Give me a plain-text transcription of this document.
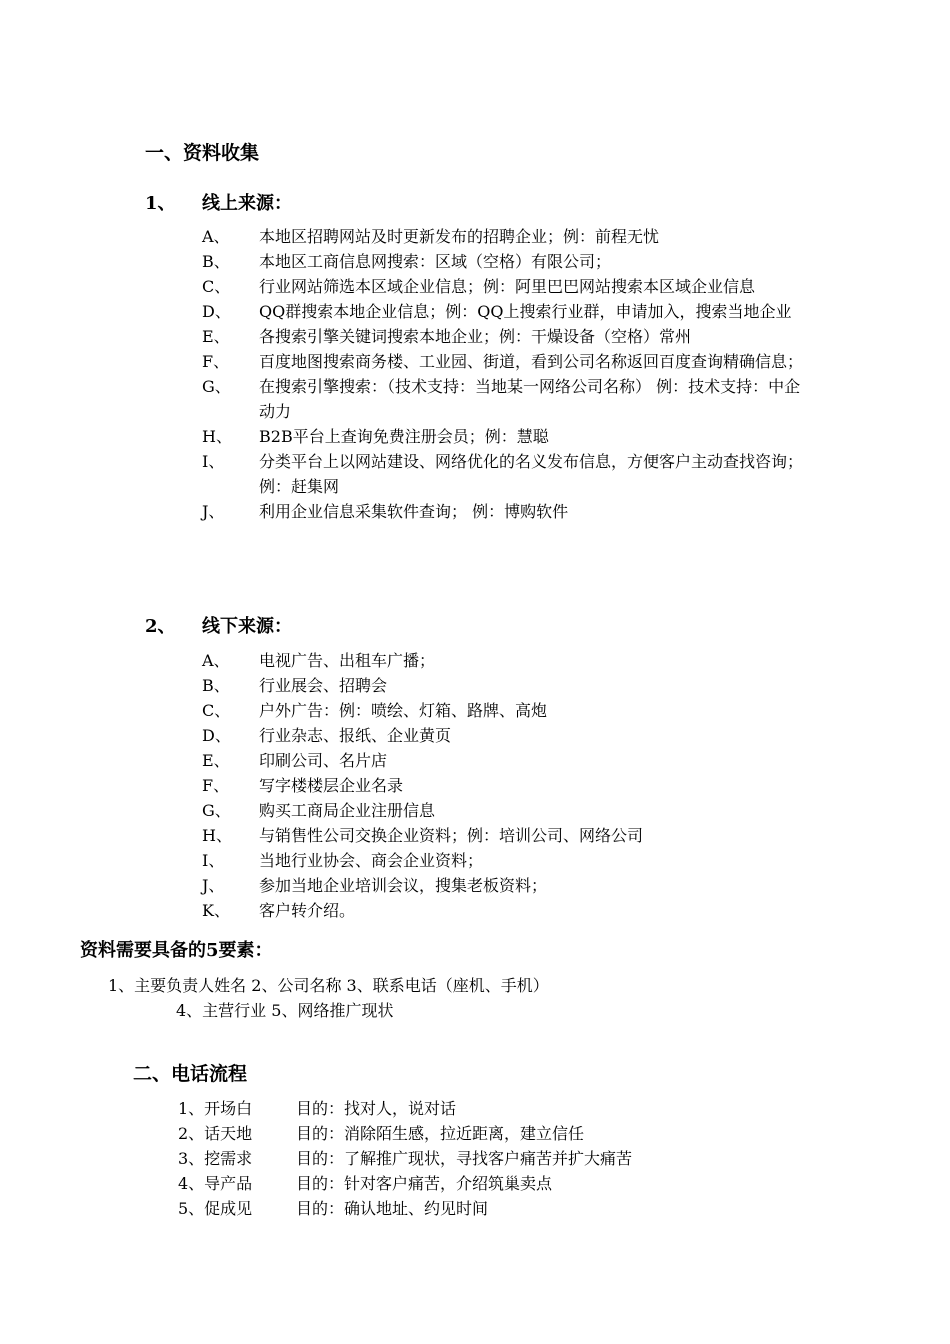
一、资料收集
1、 线上来源：
A、 本地区招聘网站及时更新发布的招聘企业；例：前程无忧
B、 本地区工商信息网搜索：区域（空格）有限公司；
C、 行业网站筛选本区域企业信息；例：阿里巴巴网站搜索本区域企业信息
D、 QQ群搜索本地企业信息；例：QQ上搜索行业群，申请加入，搜索当地企业
E、 各搜索引擎关键词搜索本地企业；例：干燥设备（空格）常州
F、 百度地图搜索商务楼、工业园、街道，看到公司名称返回百度查询精确信息；
G、 在搜索引擎搜索：（技术支持：当地某一网络公司名称） 例：技术支持：中企动力
H、 B2B平台上查询免费注册会员；例：慧聪
I、 分类平台上以网站建设、网络优化的名义发布信息，方便客户主动查找咨询； 例：赶集网
J、 利用企业信息采集软件查询； 例：博购软件
2、 线下来源：
A、 电视广告、出租车广播；
B、 行业展会、招聘会
C、 户外广告：例：喷绘、灯箱、路牌、高炮
D、 行业杂志、报纸、企业黄页
E、 印刷公司、名片店
F、 写字楼楼层企业名录
G、 购买工商局企业注册信息
H、 与销售性公司交换企业资料；例：培训公司、网络公司
I、 当地行业协会、商会企业资料；
J、 参加当地企业培训会议，搜集老板资料；
K、 客户转介绍。
资料需要具备的5要素：
1、主要负责人姓名 2、公司名称 3、联系电话（座机、手机）
4、主营行业 5、网络推广现状
二、电话流程
1、开场白	目的：找对人，说对话
2、话天地	目的：消除陌生感，拉近距离，建立信任
3、挖需求	目的：了解推广现状，寻找客户痛苦并扩大痛苦
4、导产品	目的：针对客户痛苦，介绍筑巢卖点
5、促成见	目的：确认地址、约见时间
